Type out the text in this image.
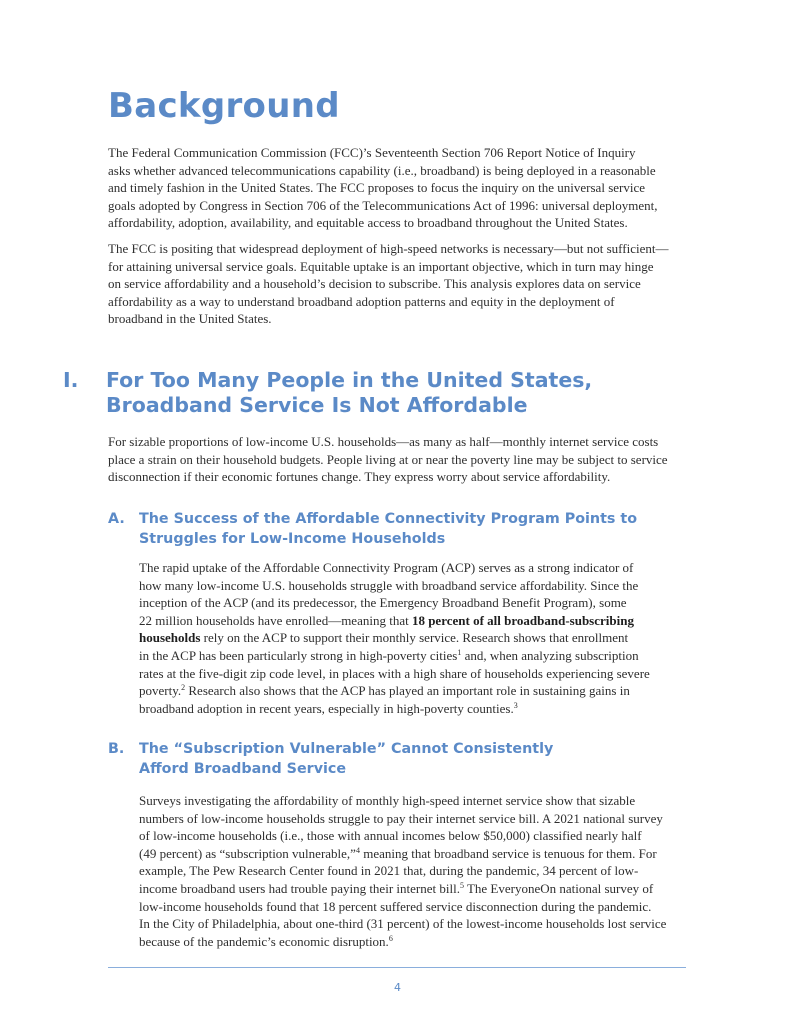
Background
The Federal Communication Commission (FCC)’s Seventeenth Section 706 Report Notice of Inquiry
asks whether advanced telecommunications capability (i.e., broadband) is being deployed in a reasonable
and timely fashion in the United States. The FCC proposes to focus the inquiry on the universal service
goals adopted by Congress in Section 706 of the Telecommunications Act of 1996: universal deployment,
affordability, adoption, availability, and equitable access to broadband throughout the United States.
The FCC is positing that widespread deployment of high-speed networks is necessary—but not sufficient—
for attaining universal service goals. Equitable uptake is an important objective, which in turn may hinge
on service affordability and a household’s decision to subscribe. This analysis explores data on service
affordability as a way to understand broadband adoption patterns and equity in the deployment of
broadband in the United States.
I. For Too Many People in the United States,
Broadband Service Is Not Affordable
For sizable proportions of low-income U.S. households—as many as half—monthly internet service costs
place a strain on their household budgets. People living at or near the poverty line may be subject to service
disconnection if their economic fortunes change. They express worry about service affordability.
A. The Success of the Affordable Connectivity Program Points to
Struggles for Low-Income Households
The rapid uptake of the Affordable Connectivity Program (ACP) serves as a strong indicator of
how many low-income U.S. households struggle with broadband service affordability. Since the
inception of the ACP (and its predecessor, the Emergency Broadband Benefit Program), some
22 million households have enrolled—meaning that 18 percent of all broadband-subscribing
households rely on the ACP to support their monthly service. Research shows that enrollment
in the ACP has been particularly strong in high-poverty cities$^1$ and, when analyzing subscription
rates at the five-digit zip code level, in places with a high share of households experiencing severe
poverty.$^2$ Research also shows that the ACP has played an important role in sustaining gains in
broadband adoption in recent years, especially in high-poverty counties.$^3$
B. The “Subscription Vulnerable” Cannot Consistently
Afford Broadband Service
Surveys investigating the affordability of monthly high-speed internet service show that sizable
numbers of low-income households struggle to pay their internet service bill. A 2021 national survey
of low-income households (i.e., those with annual incomes below $50,000) classified nearly half
(49 percent) as “subscription vulnerable,”$^4$ meaning that broadband service is tenuous for them. For
example, The Pew Research Center found in 2021 that, during the pandemic, 34 percent of low-
income broadband users had trouble paying their internet bill.$^5$ The EveryoneOn national survey of
low-income households found that 18 percent suffered service disconnection during the pandemic.
In the City of Philadelphia, about one-third (31 percent) of the lowest-income households lost service
because of the pandemic’s economic disruption.$^6$
4
